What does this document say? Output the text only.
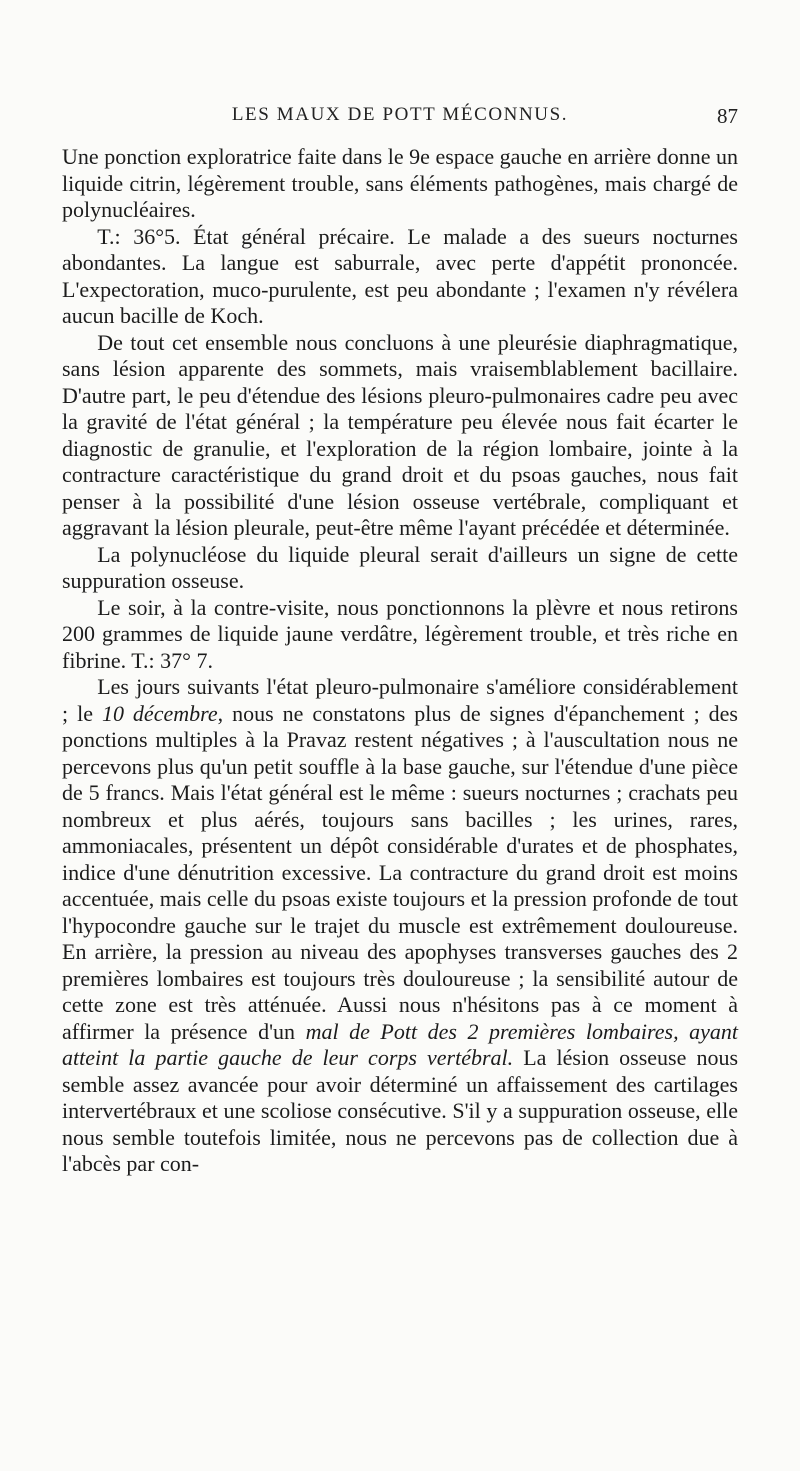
LES MAUX DE POTT MÉCONNUS.	87

Une ponction exploratrice faite dans le 9e espace gauche en arrière donne un liquide citrin, légèrement trouble, sans éléments pathogènes, mais chargé de polynucléaires.

T.: 36°5. État général précaire. Le malade a des sueurs nocturnes abondantes. La langue est saburrale, avec perte d'appétit prononcée. L'expectoration, muco-purulente, est peu abondante ; l'examen n'y révélera aucun bacille de Koch.

De tout cet ensemble nous concluons à une pleurésie diaphragmatique, sans lésion apparente des sommets, mais vraisemblablement bacillaire. D'autre part, le peu d'étendue des lésions pleuro-pulmonaires cadre peu avec la gravité de l'état général ; la température peu élevée nous fait écarter le diagnostic de granulie, et l'exploration de la région lombaire, jointe à la contracture caractéristique du grand droit et du psoas gauches, nous fait penser à la possibilité d'une lésion osseuse vertébrale, compliquant et aggravant la lésion pleurale, peut-être même l'ayant précédée et déterminée.

La polynucléose du liquide pleural serait d'ailleurs un signe de cette suppuration osseuse.

Le soir, à la contre-visite, nous ponctionnons la plèvre et nous retirons 200 grammes de liquide jaune verdâtre, légèrement trouble, et très riche en fibrine. T.: 37° 7.

Les jours suivants l'état pleuro-pulmonaire s'améliore considérablement ; le 10 décembre, nous ne constatons plus de signes d'épanchement ; des ponctions multiples à la Pravaz restent négatives ; à l'auscultation nous ne percevons plus qu'un petit souffle à la base gauche, sur l'étendue d'une pièce de 5 francs. Mais l'état général est le même : sueurs nocturnes ; crachats peu nombreux et plus aérés, toujours sans bacilles ; les urines, rares, ammoniacales, présentent un dépôt considérable d'urates et de phosphates, indice d'une dénutrition excessive. La contracture du grand droit est moins accentuée, mais celle du psoas existe toujours et la pression profonde de tout l'hypocondre gauche sur le trajet du muscle est extrêmement douloureuse. En arrière, la pression au niveau des apophyses transverses gauches des 2 premières lombaires est toujours très douloureuse ; la sensibilité autour de cette zone est très atténuée. Aussi nous n'hésitons pas à ce moment à affirmer la présence d'un mal de Pott des 2 premières lombaires, ayant atteint la partie gauche de leur corps vertébral. La lésion osseuse nous semble assez avancée pour avoir déterminé un affaissement des cartilages intervertébraux et une scoliose consécutive. S'il y a suppuration osseuse, elle nous semble toutefois limitée, nous ne percevons pas de collection due à l'abcès par con-
